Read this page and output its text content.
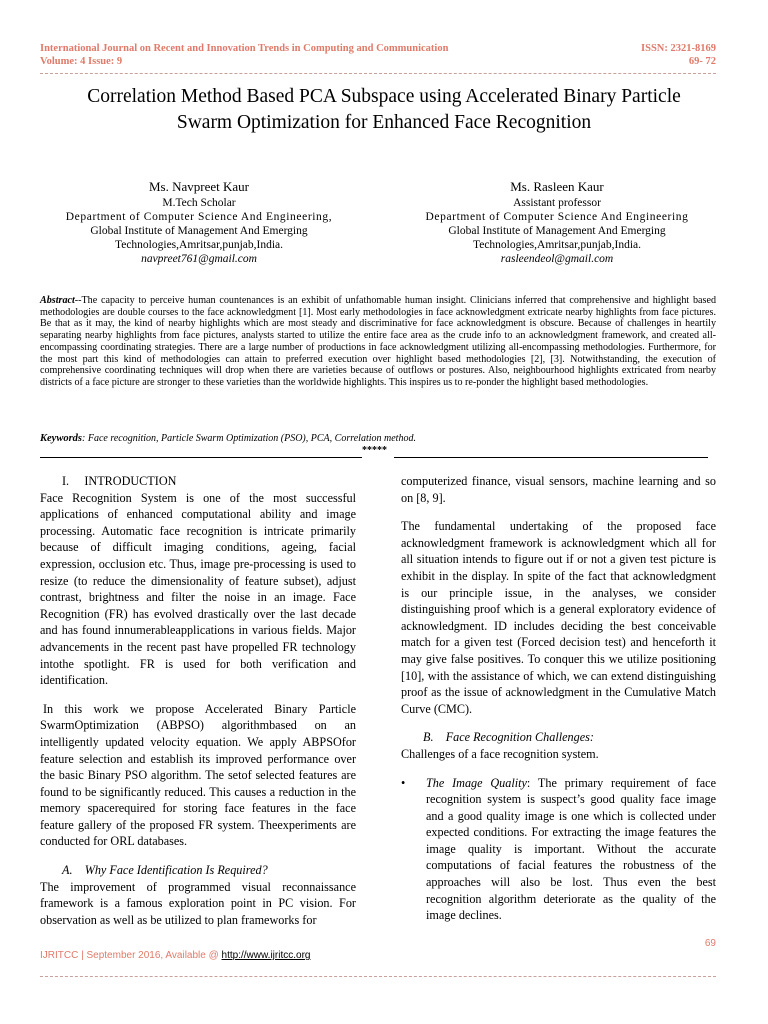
International Journal on Recent and Innovation Trends in Computing and Communication
Volume: 4 Issue: 9
ISSN: 2321-8169
69- 72
Correlation Method Based PCA Subspace using Accelerated Binary Particle
Swarm Optimization for Enhanced Face Recognition
Ms. Navpreet Kaur
M.Tech Scholar
Department of Computer Science And Engineering,
Global Institute of Management And Emerging
Technologies,Amritsar,punjab,India.
navpreet761@gmail.com
Ms. Rasleen Kaur
Assistant professor
Department of Computer Science And Engineering
Global Institute of Management And Emerging
Technologies,Amritsar,punjab,India.
rasleendeol@gmail.com
Abstract--The capacity to perceive human countenances is an exhibit of unfathomable human insight. Clinicians inferred that comprehensive and highlight based methodologies are double courses to the face acknowledgment [1]. Most early methodologies in face acknowledgment extricate nearby highlights from face pictures. Be that as it may, the kind of nearby highlights which are most steady and discriminative for face acknowledgment is obscure. Because of challenges in heartily separating nearby highlights from face pictures, analysts started to utilize the entire face area as the crude info to an acknowledgment framework, and created all-encompassing coordinating strategies. There are a large number of productions in face acknowledgment utilizing all-encompassing methodologies. Furthermore, for the most part this kind of methodologies can attain to preferred execution over highlight based methodologies [2], [3]. Notwithstanding, the execution of comprehensive coordinating techniques will drop when there are varieties because of outflows or postures. Also, neighbourhood highlights extricated from nearby districts of a face picture are stronger to these varieties than the worldwide highlights. This inspires us to re-ponder the highlight based methodologies.
Keywords: Face recognition, Particle Swarm Optimization (PSO), PCA, Correlation method.
*****

I. INTRODUCTION

Face Recognition System is one of the most successful applications of enhanced computational ability and image processing. Automatic face recognition is intricate primarily because of difficult imaging conditions, ageing, facial expression, occlusion etc. Thus, image pre-processing is used to resize (to reduce the dimensionality of feature subset), adjust contrast, brightness and filter the noise in an image. Face Recognition (FR) has evolved drastically over the last decade and has found innumerableapplications in various fields. Major advancements in the recent past have propelled FR technology intothe spotlight. FR is used for both verification and identification.

In this work we propose Accelerated Binary Particle SwarmOptimization (ABPSO) algorithmbased on an intelligently updated velocity equation. We apply ABPSOfor feature selection and establish its improved performance over the basic Binary PSO algorithm. The setof selected features are found to be significantly reduced. This causes a reduction in the memory spacerequired for storing face features in the face feature gallery of the proposed FR system. Theexperiments are conducted for ORL databases.

A. Why Face Identification Is Required?

The improvement of programmed visual reconnaissance framework is a famous exploration point in PC vision. For observation as well as be utilized to plan frameworks for

computerized finance, visual sensors, machine learning and so on [8, 9].

The fundamental undertaking of the proposed face acknowledgment framework is acknowledgment which all for all situation intends to figure out if or not a given test picture is exhibit in the display. In spite of the fact that acknowledgment is our principle issue, in the analyses, we consider distinguishing proof which is a general exploratory evidence of acknowledgment. ID includes deciding the best conceivable match for a given test (Forced decision test) and henceforth it may give false positives. To conquer this we utilize positioning [10], with the assistance of which, we can extend distinguishing proof as the issue of acknowledgment in the Cumulative Match Curve (CMC).

B. Face Recognition Challenges:

Challenges of a face recognition system.

• The Image Quality: The primary requirement of face recognition system is suspect’s good quality face image and a good quality image is one which is collected under expected conditions. For extracting the image features the image quality is important. Without the accurate computations of facial features the robustness of the approaches will also be lost. Thus even the best recognition algorithm deteriorate as the quality of the image declines.

69
IJRITCC | September 2016, Available @ http://www.ijritcc.org
